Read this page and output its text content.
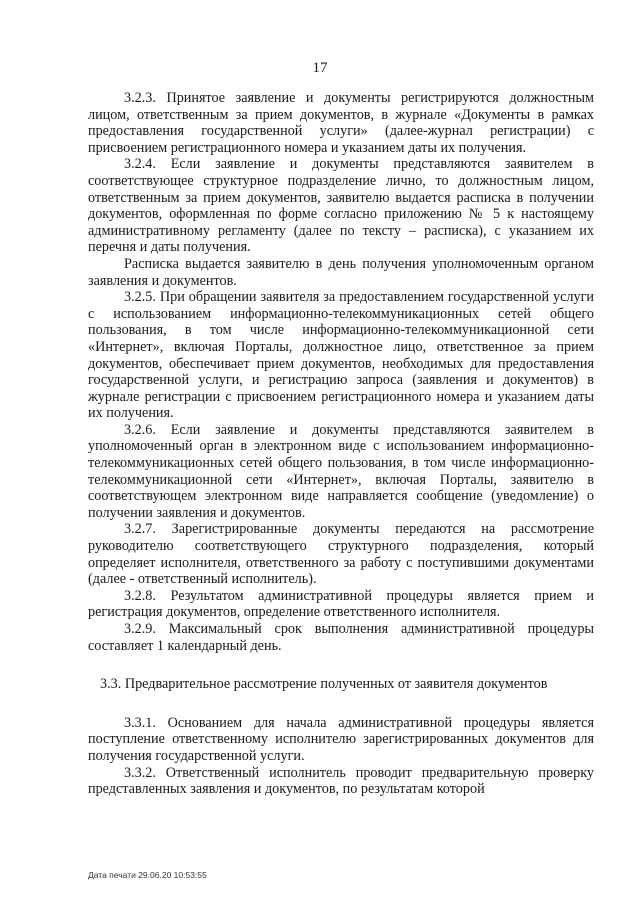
17

3.2.3. Принятое заявление и документы регистрируются должностным лицом, ответственным за прием документов, в журнале «Документы в рамках предоставления государственной услуги» (далее-журнал регистрации) с присвоением регистрационного номера и указанием даты их получения.

3.2.4. Если заявление и документы представляются заявителем в соответствующее структурное подразделение лично, то должностным лицом, ответственным за прием документов, заявителю выдается расписка в получении документов, оформленная по форме согласно приложению № 5 к настоящему административному регламенту (далее по тексту – расписка), с указанием их перечня и даты получения.

Расписка выдается заявителю в день получения уполномоченным органом заявления и документов.

3.2.5. При обращении заявителя за предоставлением государственной услуги с использованием информационно-телекоммуникационных сетей общего пользования, в том числе информационно-телекоммуникационной сети «Интернет», включая Порталы, должностное лицо, ответственное за прием документов, обеспечивает прием документов, необходимых для предоставления государственной услуги, и регистрацию запроса (заявления и документов) в журнале регистрации с присвоением регистрационного номера и указанием даты их получения.

3.2.6. Если заявление и документы представляются заявителем в уполномоченный орган в электронном виде с использованием информационно-телекоммуникационных сетей общего пользования, в том числе информационно-телекоммуникационной сети «Интернет», включая Порталы, заявителю в соответствующем электронном виде направляется сообщение (уведомление) о получении заявления и документов.

3.2.7. Зарегистрированные документы передаются на рассмотрение руководителю соответствующего структурного подразделения, который определяет исполнителя, ответственного за работу с поступившими документами (далее - ответственный исполнитель).

3.2.8. Результатом административной процедуры является прием и регистрация документов, определение ответственного исполнителя.

3.2.9. Максимальный срок выполнения административной процедуры составляет 1 календарный день.

3.3. Предварительное рассмотрение полученных от заявителя документов

3.3.1. Основанием для начала административной процедуры является поступление ответственному исполнителю зарегистрированных документов для получения государственной услуги.

3.3.2. Ответственный исполнитель проводит предварительную проверку представленных заявления и документов, по результатам которой

Дата печати 29.06.20 10:53:55
